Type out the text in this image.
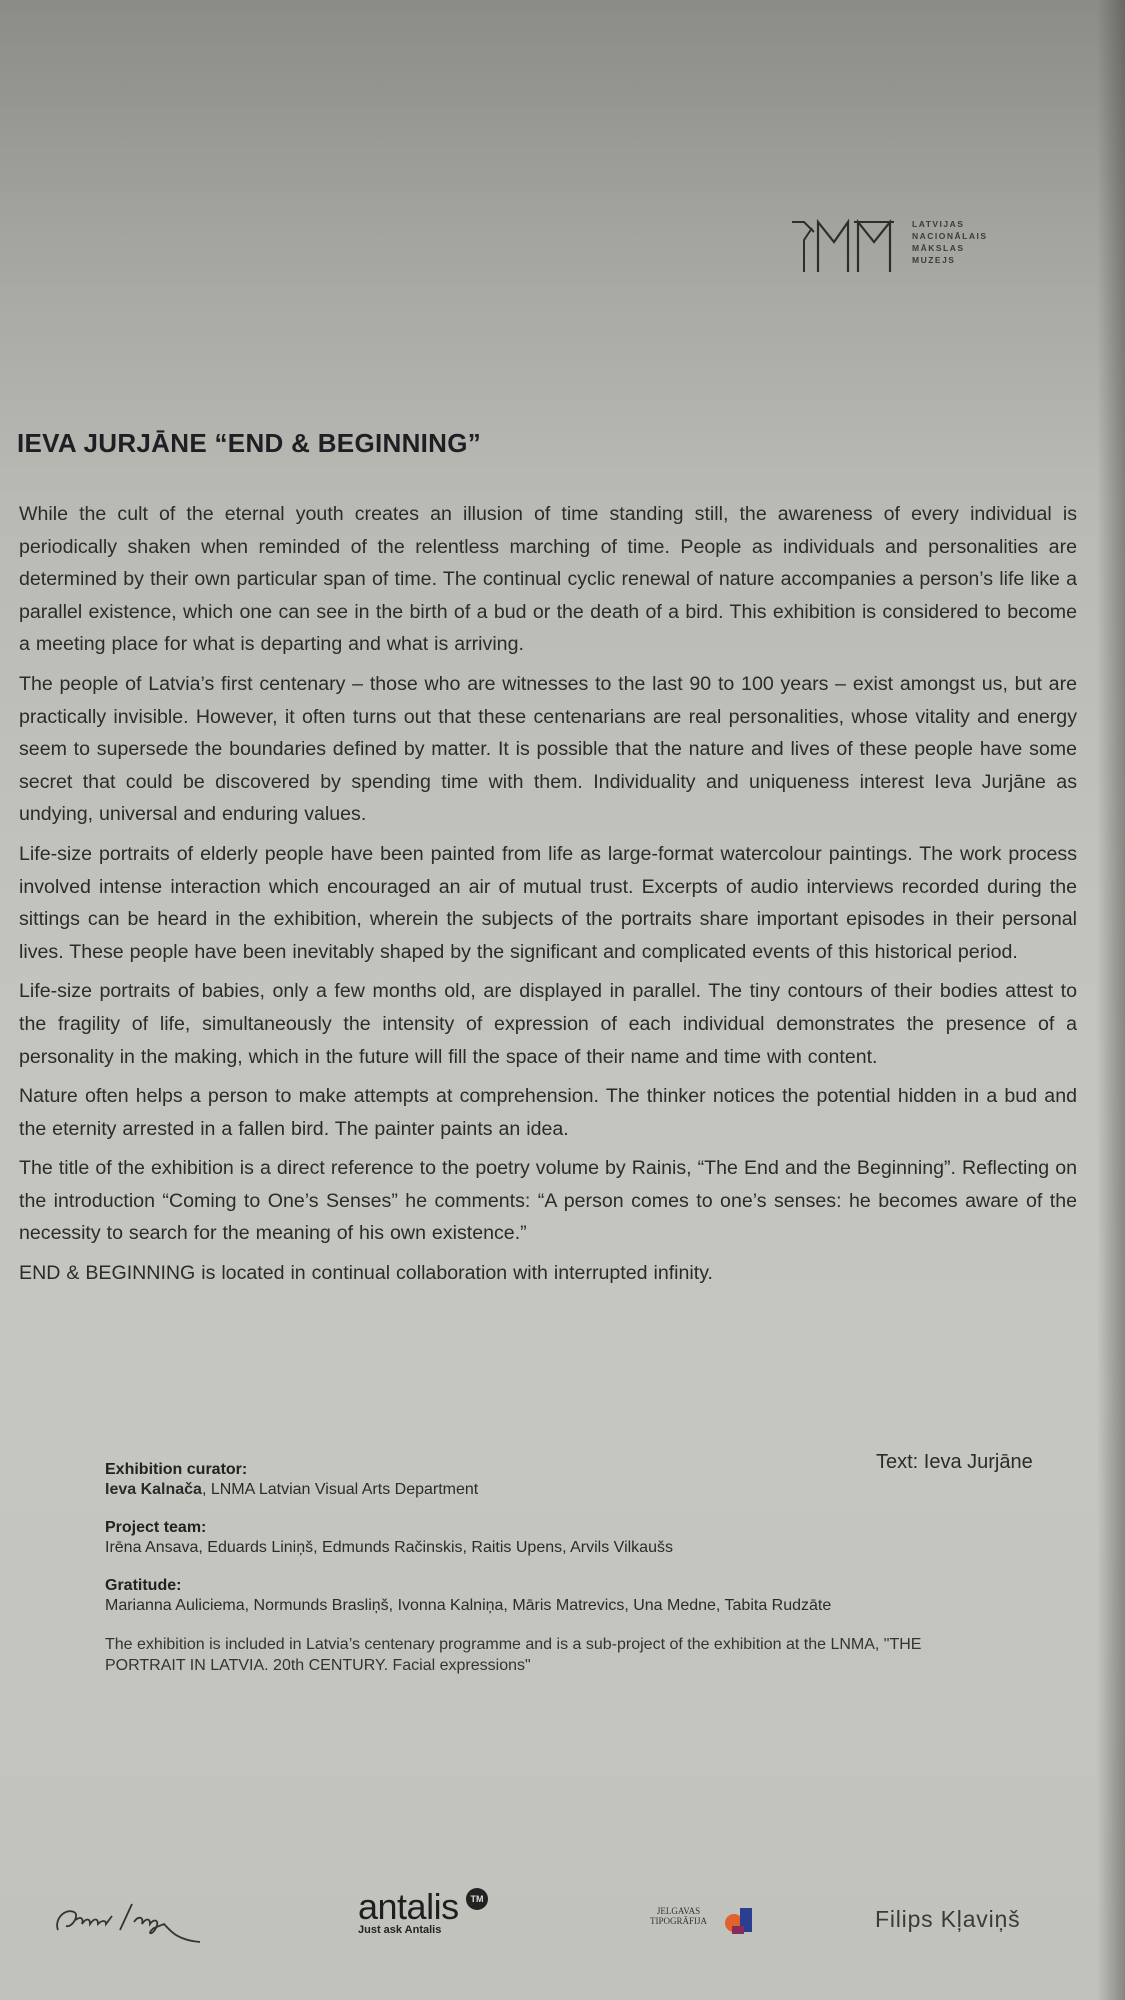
LATVIJAS
NACIONĀLAIS
MĀKSLAS
MUZEJS
IEVA JURJĀNE “END & BEGINNING”

While the cult of the eternal youth creates an illusion of time standing still, the awareness of every individual is periodically shaken when reminded of the relentless marching of time. People as individuals and personalities are determined by their own particular span of time. The continual cyclic renewal of nature accompanies a person’s life like a parallel existence, which one can see in the birth of a bud or the death of a bird. This exhibition is considered to become a meeting place for what is departing and what is arriving.

The people of Latvia’s first centenary – those who are witnesses to the last 90 to 100 years – exist amongst us, but are practically invisible. However, it often turns out that these centenarians are real personalities, whose vitality and energy seem to supersede the boundaries defined by matter. It is possible that the nature and lives of these people have some secret that could be discovered by spending time with them. Individuality and uniqueness interest Ieva Jurjāne as undying, universal and enduring values.

Life-size portraits of elderly people have been painted from life as large-format watercolour paintings. The work process involved intense interaction which encouraged an air of mutual trust. Excerpts of audio interviews recorded during the sittings can be heard in the exhibition, wherein the subjects of the portraits share important episodes in their personal lives. These people have been inevitably shaped by the significant and complicated events of this historical period.

Life-size portraits of babies, only a few months old, are displayed in parallel. The tiny contours of their bodies attest to the fragility of life, simultaneously the intensity of expression of each individual demonstrates the presence of a personality in the making, which in the future will fill the space of their name and time with content.

Nature often helps a person to make attempts at comprehension. The thinker notices the potential hidden in a bud and the eternity arrested in a fallen bird. The painter paints an idea.

The title of the exhibition is a direct reference to the poetry volume by Rainis, “The End and the Beginning”. Reflecting on the introduction “Coming to One’s Senses” he comments: “A person comes to one’s senses: he becomes aware of the necessity to search for the meaning of his own existence.”

END & BEGINNING is located in continual collaboration with interrupted infinity.

Text: Ieva Jurjāne
Exhibition curator:
Ieva Kalnača, LNMA Latvian Visual Arts Department
Project team:
Irēna Ansava, Eduards Liniņš, Edmunds Račinskis, Raitis Upens, Arvils Vilkaušs
Gratitude:
Marianna Auliciema, Normunds Brasliņš, Ivonna Kalniņa, Māris Matrevics, Una Medne, Tabita Rudzāte
The exhibition is included in Latvia’s centenary programme and is a sub-project of the exhibition at the LNMA, "THE PORTRAIT IN LATVIA. 20th CENTURY. Facial expressions"
antalis	TM
Just ask Antalis
JELGAVAS
TIPOGRĀFIJA	Filips Kļaviņš
